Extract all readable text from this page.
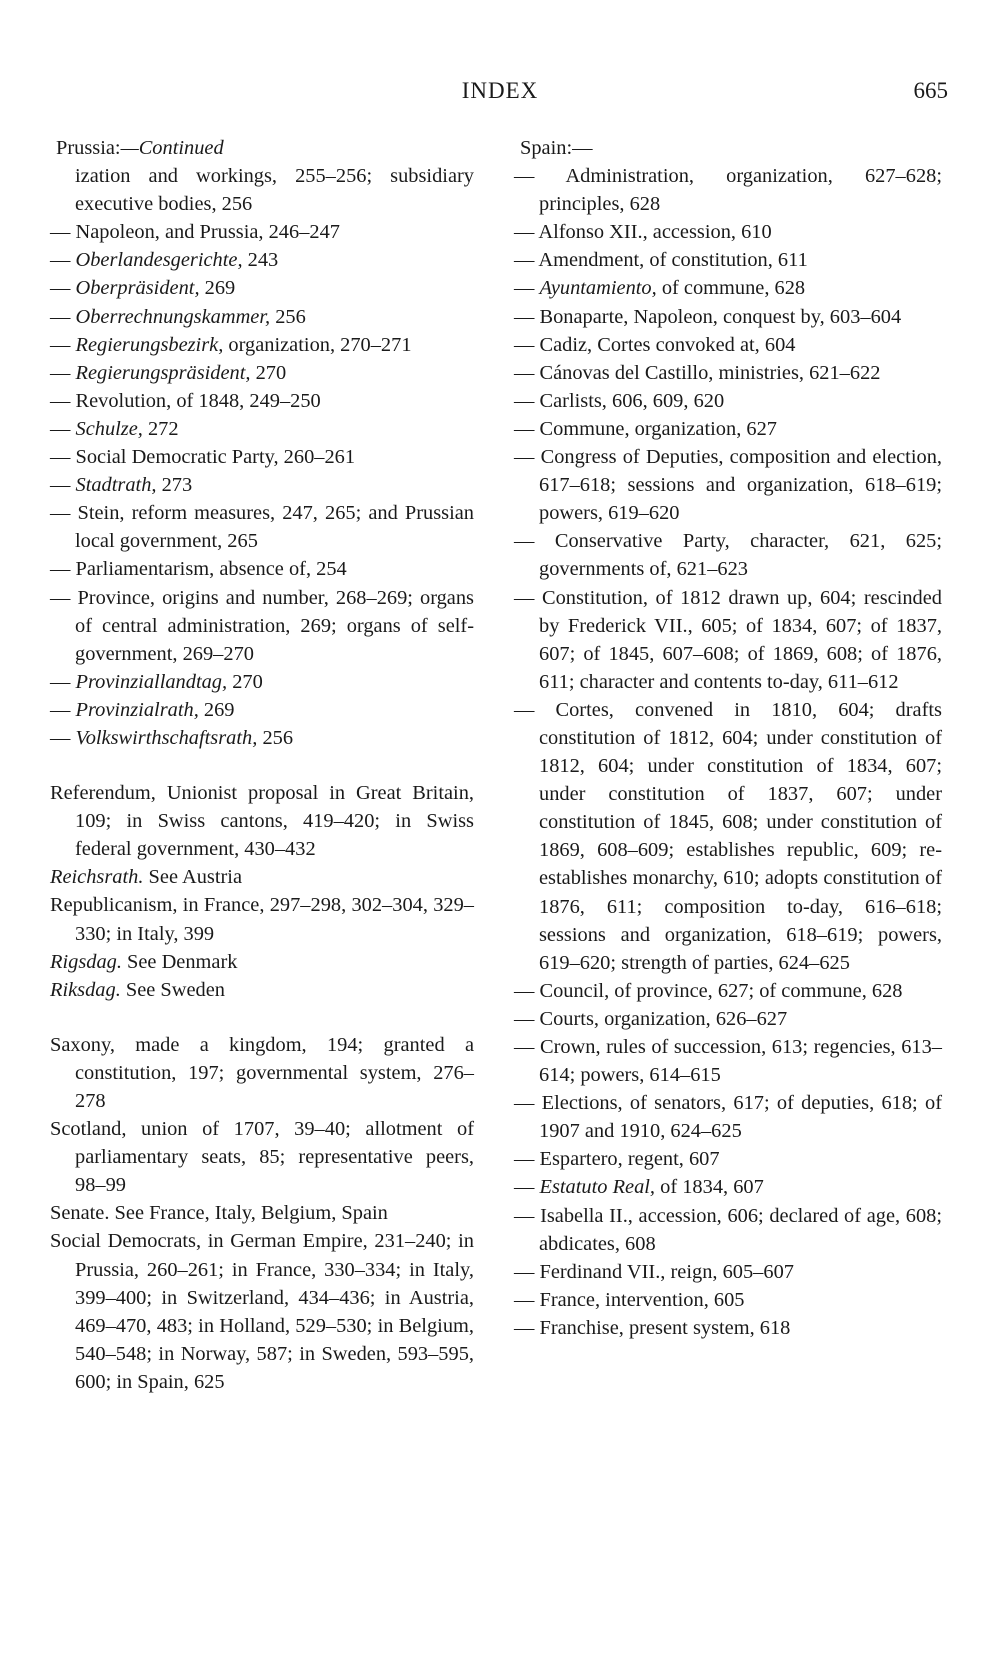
INDEX	665
Prussia:—Continued
ization and workings, 255–256; subsidiary executive bodies, 256
— Napoleon, and Prussia, 246–247
— Oberlandesgerichte, 243
— Oberpräsident, 269
— Oberrechnungskammer, 256
— Regierungsbezirk, organization, 270–271
— Regierungspräsident, 270
— Revolution, of 1848, 249–250
— Schulze, 272
— Social Democratic Party, 260–261
— Stadtrath, 273
— Stein, reform measures, 247, 265; and Prussian local government, 265
— Parliamentarism, absence of, 254
— Province, origins and number, 268–269; organs of central administration, 269; organs of self-government, 269–270
— Provinziallandtag, 270
— Provinzialrath, 269
— Volkswirthschaftsrath, 256
Referendum, Unionist proposal in Great Britain, 109; in Swiss cantons, 419–420; in Swiss federal government, 430–432
Reichsrath. See Austria
Republicanism, in France, 297–298, 302–304, 329–330; in Italy, 399
Rigsdag. See Denmark
Riksdag. See Sweden
Saxony, made a kingdom, 194; granted a constitution, 197; governmental system, 276–278
Scotland, union of 1707, 39–40; allotment of parliamentary seats, 85; representative peers, 98–99
Senate. See France, Italy, Belgium, Spain
Social Democrats, in German Empire, 231–240; in Prussia, 260–261; in France, 330–334; in Italy, 399–400; in Switzerland, 434–436; in Austria, 469–470, 483; in Holland, 529–530; in Belgium, 540–548; in Norway, 587; in Sweden, 593–595, 600; in Spain, 625
Spain:—
— Administration, organization, 627–628; principles, 628
— Alfonso XII., accession, 610
— Amendment, of constitution, 611
— Ayuntamiento, of commune, 628
— Bonaparte, Napoleon, conquest by, 603–604
— Cadiz, Cortes convoked at, 604
— Cánovas del Castillo, ministries, 621–622
— Carlists, 606, 609, 620
— Commune, organization, 627
— Congress of Deputies, composition and election, 617–618; sessions and organization, 618–619; powers, 619–620
— Conservative Party, character, 621, 625; governments of, 621–623
— Constitution, of 1812 drawn up, 604; rescinded by Frederick VII., 605; of 1834, 607; of 1837, 607; of 1845, 607–608; of 1869, 608; of 1876, 611; character and contents to-day, 611–612
— Cortes, convened in 1810, 604; drafts constitution of 1812, 604; under constitution of 1812, 604; under constitution of 1834, 607; under constitution of 1837, 607; under constitution of 1845, 608; under constitution of 1869, 608–609; establishes republic, 609; re-establishes monarchy, 610; adopts constitution of 1876, 611; composition to-day, 616–618; sessions and organization, 618–619; powers, 619–620; strength of parties, 624–625
— Council, of province, 627; of commune, 628
— Courts, organization, 626–627
— Crown, rules of succession, 613; regencies, 613–614; powers, 614–615
— Elections, of senators, 617; of deputies, 618; of 1907 and 1910, 624–625
— Espartero, regent, 607
— Estatuto Real, of 1834, 607
— Isabella II., accession, 606; declared of age, 608; abdicates, 608
— Ferdinand VII., reign, 605–607
— France, intervention, 605
— Franchise, present system, 618
